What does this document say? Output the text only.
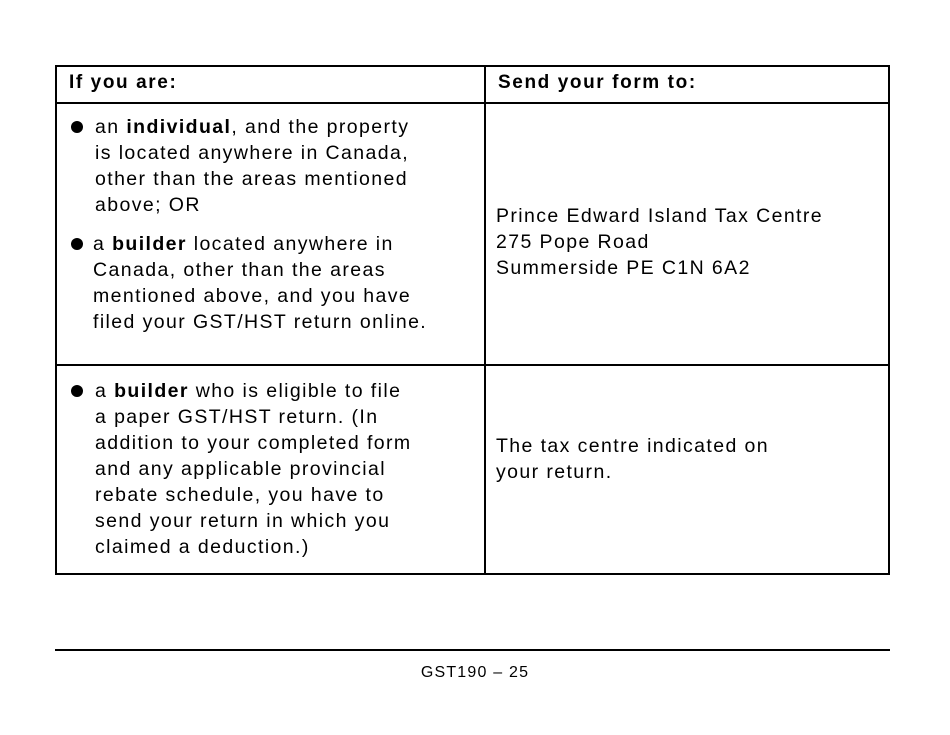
If you are:	Send your form to:
an individual, and the property
is located anywhere in Canada,
other than the areas mentioned
above; OR
a builder located anywhere in
Canada, other than the areas
mentioned above, and you have
filed your GST/HST return online.
Prince Edward Island Tax Centre
275 Pope Road
Summerside PE C1N 6A2
a builder who is eligible to file
a paper GST/HST return. (In
addition to your completed form
and any applicable provincial
rebate schedule, you have to
send your return in which you
claimed a deduction.)
The tax centre indicated on
your return.
GST190 – 25
